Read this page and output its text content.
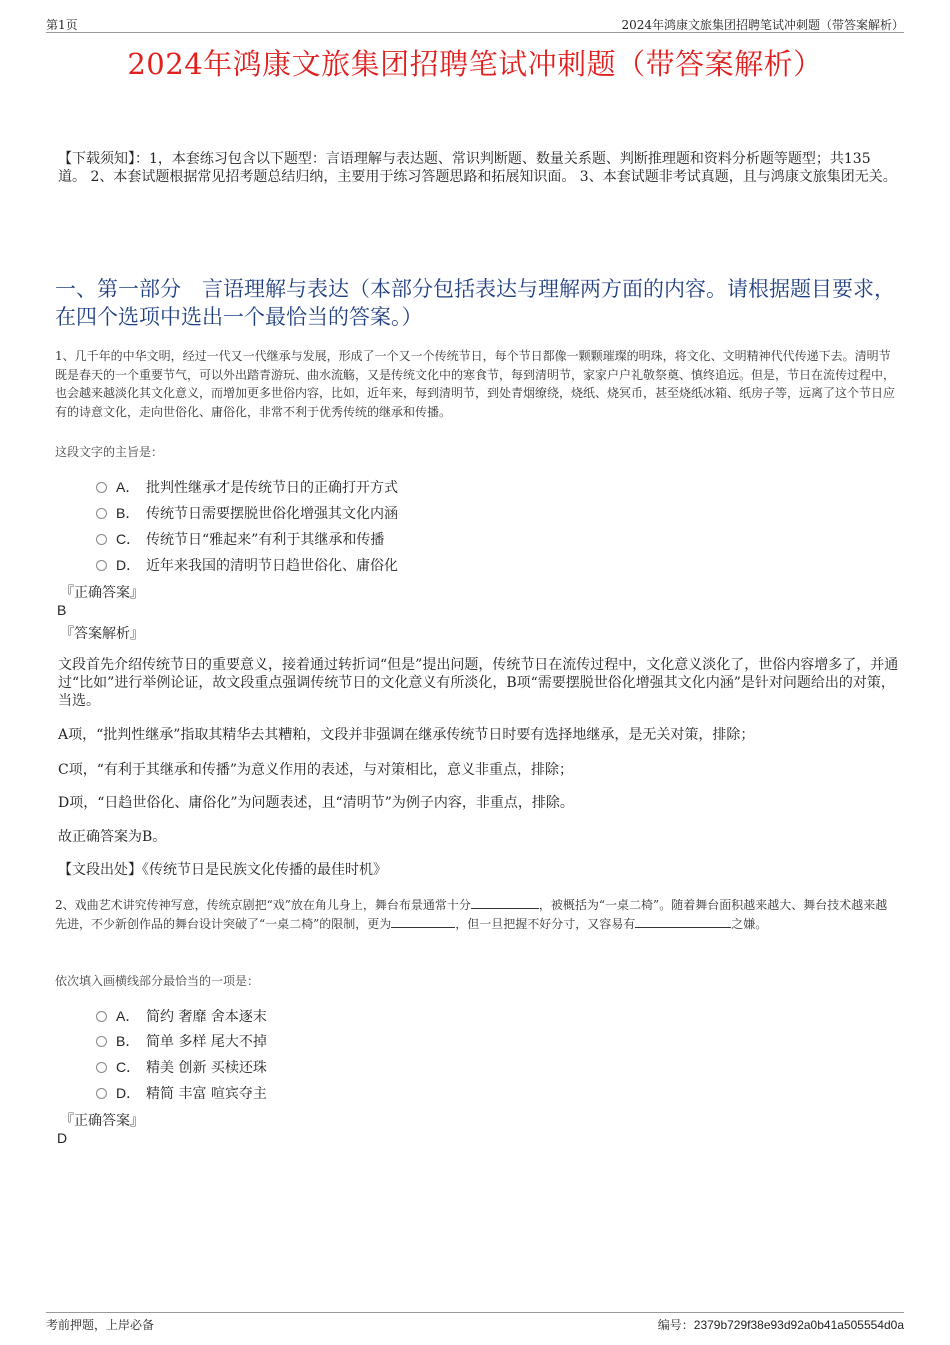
第1页	2024年鸿康文旅集团招聘笔试冲刺题（带答案解析）
2024年鸿康文旅集团招聘笔试冲刺题（带答案解析）
【下载须知】：1，本套练习包含以下题型：言语理解与表达题、常识判断题、数量关系题、判断推理题和资料分析题等题型；共135道。 2、本套试题根据常见招考题总结归纳，主要用于练习答题思路和拓展知识面。 3、本套试题非考试真题，且与鸿康文旅集团无关。
一、第一部分　言语理解与表达（本部分包括表达与理解两方面的内容。请根据题目要求，在四个选项中选出一个最恰当的答案。）
1、几千年的中华文明，经过一代又一代继承与发展，形成了一个又一个传统节日，每个节日都像一颗颗璀璨的明珠，将文化、文明精神代代传递下去。清明节既是春天的一个重要节气，可以外出踏青游玩、曲水流觞，又是传统文化中的寒食节，每到清明节，家家户户礼敬祭奠、慎终追远。但是，节日在流传过程中，也会越来越淡化其文化意义，而增加更多世俗内容，比如，近年来，每到清明节，到处青烟缭绕，烧纸、烧冥币，甚至烧纸冰箱、纸房子等，远离了这个节日应有的诗意文化，走向世俗化、庸俗化，非常不利于优秀传统的继承和传播。
这段文字的主旨是：
A． 批判性继承才是传统节日的正确打开方式
B． 传统节日需要摆脱世俗化增强其文化内涵
C． 传统节日“雅起来”有利于其继承和传播
D． 近年来我国的清明节日趋世俗化、庸俗化
『正确答案』
B
『答案解析』
文段首先介绍传统节日的重要意义，接着通过转折词“但是”提出问题，传统节日在流传过程中，文化意义淡化了，世俗内容增多了，并通过“比如”进行举例论证，故文段重点强调传统节日的文化意义有所淡化，B项“需要摆脱世俗化增强其文化内涵”是针对问题给出的对策，当选。
A项，“批判性继承”指取其精华去其糟粕，文段并非强调在继承传统节日时要有选择地继承，是无关对策，排除；
C项，“有利于其继承和传播”为意义作用的表述，与对策相比，意义非重点，排除；
D项，“日趋世俗化、庸俗化”为问题表述，且“清明节”为例子内容，非重点，排除。
故正确答案为B。
【文段出处】《传统节日是民族文化传播的最佳时机》
2、戏曲艺术讲究传神写意，传统京剧把“戏”放在角儿身上，舞台布景通常十分	，被概括为“一桌二椅”。随着舞台面积越来越大、舞台技术越来越先进，不少新创作品的舞台设计突破了“一桌二椅”的限制，更为	，但一旦把握不好分寸，又容易有	之嫌。
依次填入画横线部分最恰当的一项是：
A． 简约 奢靡 舍本逐末
B． 简单 多样 尾大不掉
C． 精美 创新 买椟还珠
D． 精简 丰富 喧宾夺主
『正确答案』
D
考前押题，上岸必备	编号：2379b729f38e93d92a0b41a505554d0a
